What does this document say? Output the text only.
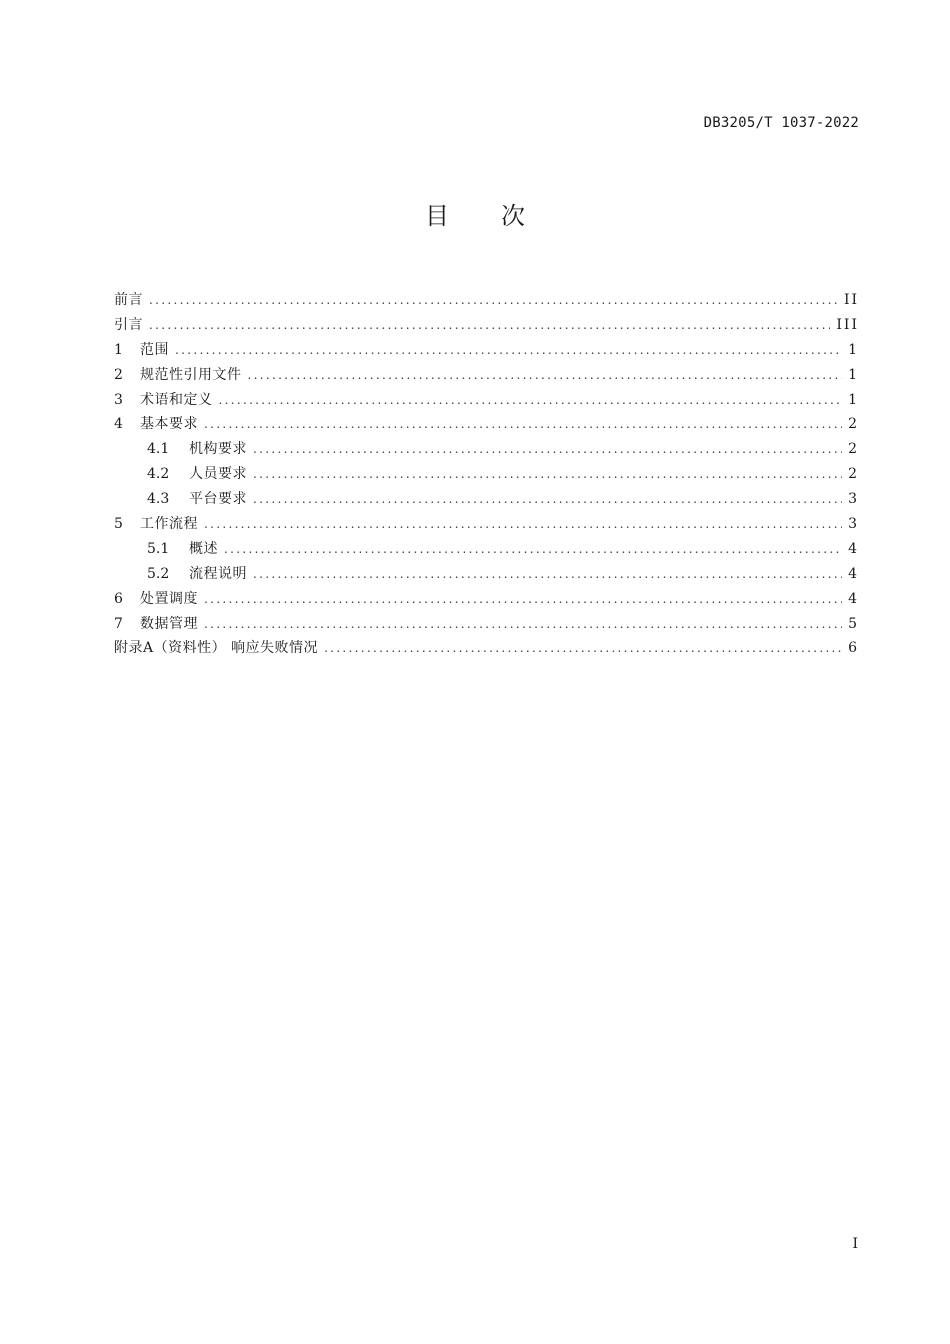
DB3205/T 1037-2022
目次
前言 .....	II
引言 .....	III
1	范围 .....	1
2	规范性引用文件 .....	1
3	术语和定义 .....	1
4	基本要求 .....	2
4.1	机构要求 .....	2
4.2	人员要求 .....	2
4.3	平台要求 .....	3
5	工作流程 .....	3
5.1	概述 .....	4
5.2	流程说明 .....	4
6	处置调度 .....	4
7	数据管理 .....	5
附录A（资料性） 响应失败情况 .....	6
I
